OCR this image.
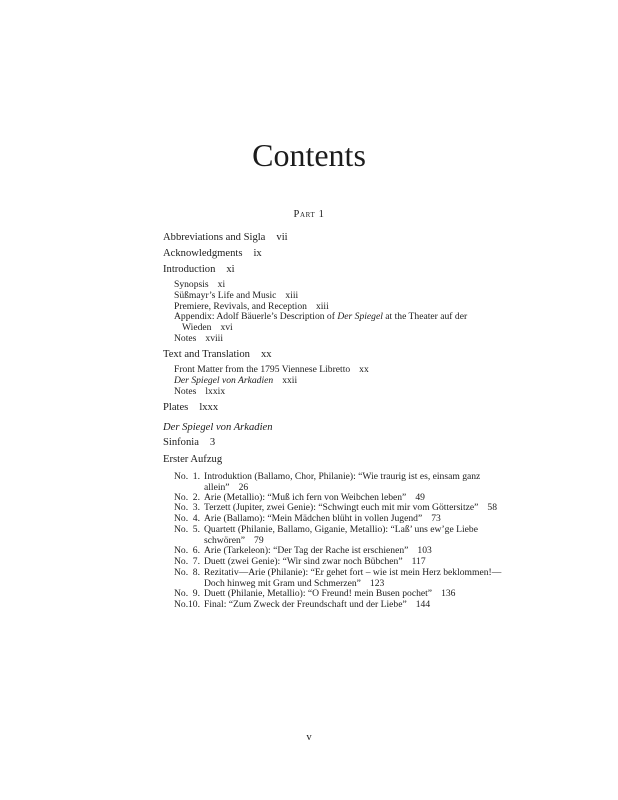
Contents
Part 1
Abbreviations and Sigla vii
Acknowledgments ix
Introduction xi
Synopsis xi
Süßmayr’s Life and Music xiii
Premiere, Revivals, and Reception xiii
Appendix: Adolf Bäuerle’s Description of Der Spiegel at the Theater auf der
Wieden xvi
Notes xviii
Text and Translation xx
Front Matter from the 1795 Viennese Libretto xx
Der Spiegel von Arkadien xxii
Notes lxxix
Plates lxxx
Der Spiegel von Arkadien
Sinfonia 3
Erster Aufzug
No. 1. Introduktion (Ballamo, Chor, Philanie): “Wie traurig ist es, einsam ganz
allein” 26
No. 2. Arie (Metallio): “Muß ich fern von Weibchen leben” 49
No. 3. Terzett (Jupiter, zwei Genie): “Schwingt euch mit mir vom Göttersitze” 58
No. 4. Arie (Ballamo): “Mein Mädchen blüht in vollen Jugend” 73
No. 5. Quartett (Philanie, Ballamo, Giganie, Metallio): “Laß’ uns ew’ge Liebe
schwören” 79
No. 6. Arie (Tarkeleon): “Der Tag der Rache ist erschienen” 103
No. 7. Duett (zwei Genie): “Wir sind zwar noch Bübchen” 117
No. 8. Rezitativ—Arie (Philanie): “Er gehet fort – wie ist mein Herz beklommen!—
Doch hinweg mit Gram und Schmerzen” 123
No. 9. Duett (Philanie, Metallio): “O Freund! mein Busen pochet” 136
No.10. Final: “Zum Zweck der Freundschaft und der Liebe” 144
v
